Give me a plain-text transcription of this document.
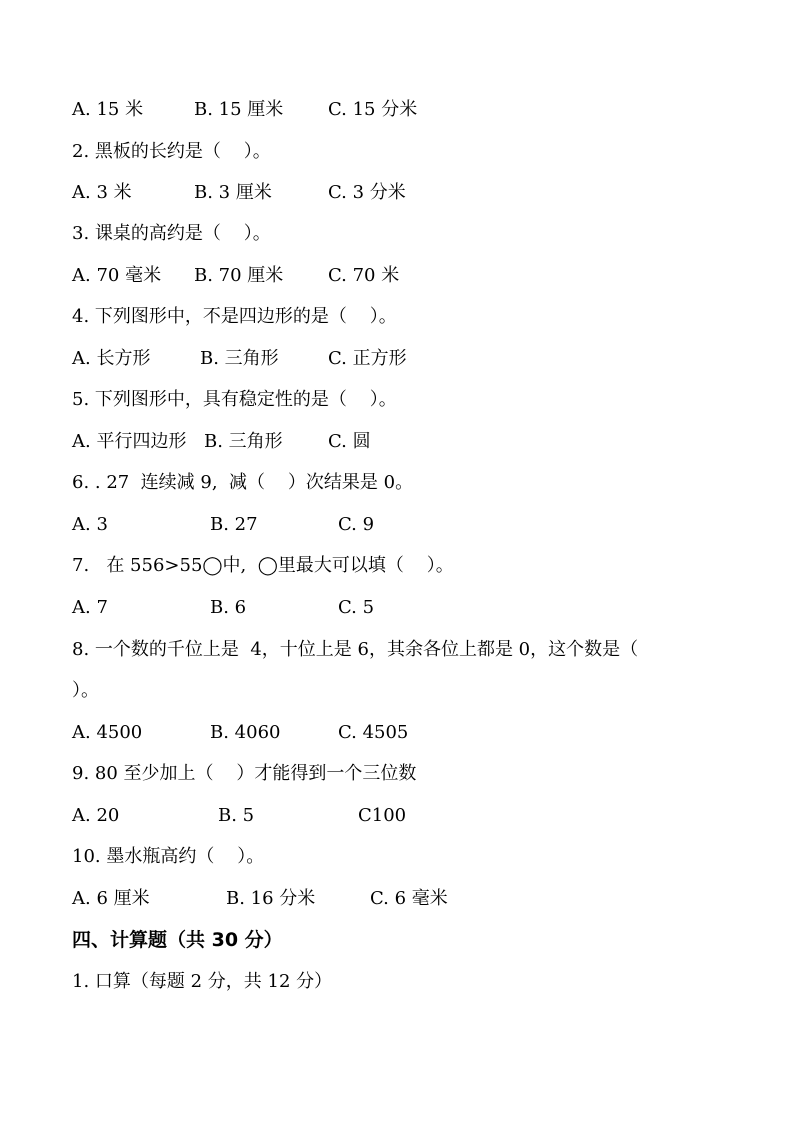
A. 15 米

	B. 15 厘米

C. 15 分米

2. 黑板的长约是（    ）。

A. 3 米

	B. 3 厘米

	C. 3 分米

3. 课桌的高约是（    ）。

A. 70 毫米

B. 70 厘米

C. 70 米

4. 下列图形中，不是四边形的是（    ）。

A. 长方形

	B. 三角形

	C. 正方形

5. 下列图形中，具有稳定性的是（    ）。

A. 平行四边形

B. 三角形

	C. 圆

6. . 27  连续减 9,  减（    ）次结果是 0。

A. 3

	B. 27

	C. 9

7.   在 556>55◯中,  ◯里最大可以填（    ）。

A. 7

	B. 6

	C. 5

8. 一个数的千位上是  4，十位上是 6，其余各位上都是 0，这个数是（
）。

A. 4500

	B. 4060

	C. 4505

9. 80 至少加上（    ）才能得到一个三位数

A. 20

	B. 5

	C100

10. 墨水瓶高约（    ）。

A. 6 厘米

	B. 16 分米

	C. 6 毫米

四、计算题（共 30 分）
1. 口算（每题 2 分，共 12 分）
